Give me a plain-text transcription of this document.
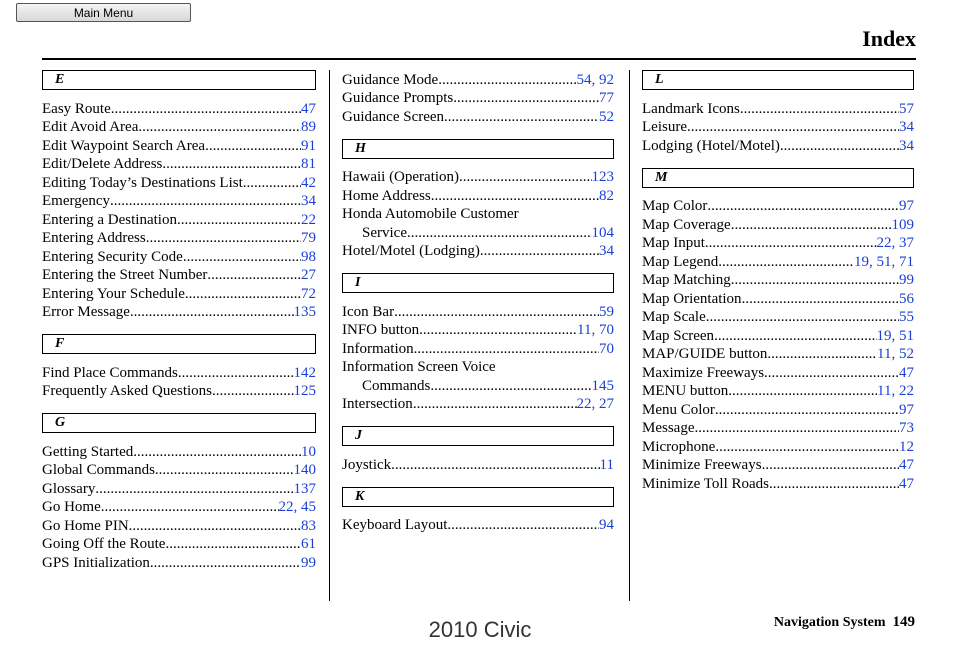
Main Menu
Index
E
Easy Route .....	47
Edit Avoid Area .....	89
Edit Waypoint Search Area .....	91
Edit/Delete Address .....	81
Editing Today’s Destinations List .....	42
Emergency .....	34
Entering a Destination .....	22
Entering Address .....	79
Entering Security Code .....	98
Entering the Street Number .....	27
Entering Your Schedule .....	72
Error Message .....	135
F
Find Place Commands .....	142
Frequently Asked Questions .....	125
G
Getting Started .....	10
Global Commands .....	140
Glossary .....	137
Go Home .....	22, 45
Go Home PIN .....	83
Going Off the Route .....	61
GPS Initialization .....	99
Guidance Mode .....	54, 92
Guidance Prompts .....	77
Guidance Screen .....	52
H
Hawaii (Operation) .....	123
Home Address .....	82
Honda Automobile Customer
Service .....	104
Hotel/Motel (Lodging) .....	34
I
Icon Bar .....	59
INFO button .....	11, 70
Information .....	70
Information Screen Voice
Commands .....	145
Intersection .....	22, 27
J
Joystick .....	11
K
Keyboard Layout .....	94
L
Landmark Icons .....	57
Leisure .....	34
Lodging (Hotel/Motel) .....	34
M
Map Color .....	97
Map Coverage .....	109
Map Input .....	22, 37
Map Legend .....	19, 51, 71
Map Matching .....	99
Map Orientation .....	56
Map Scale .....	55
Map Screen .....	19, 51
MAP/GUIDE button .....	11, 52
Maximize Freeways .....	47
MENU button .....	11, 22
Menu Color .....	97
Message .....	73
Microphone .....	12
Minimize Freeways .....	47
Minimize Toll Roads .....	47
Navigation System 149
2010 Civic
